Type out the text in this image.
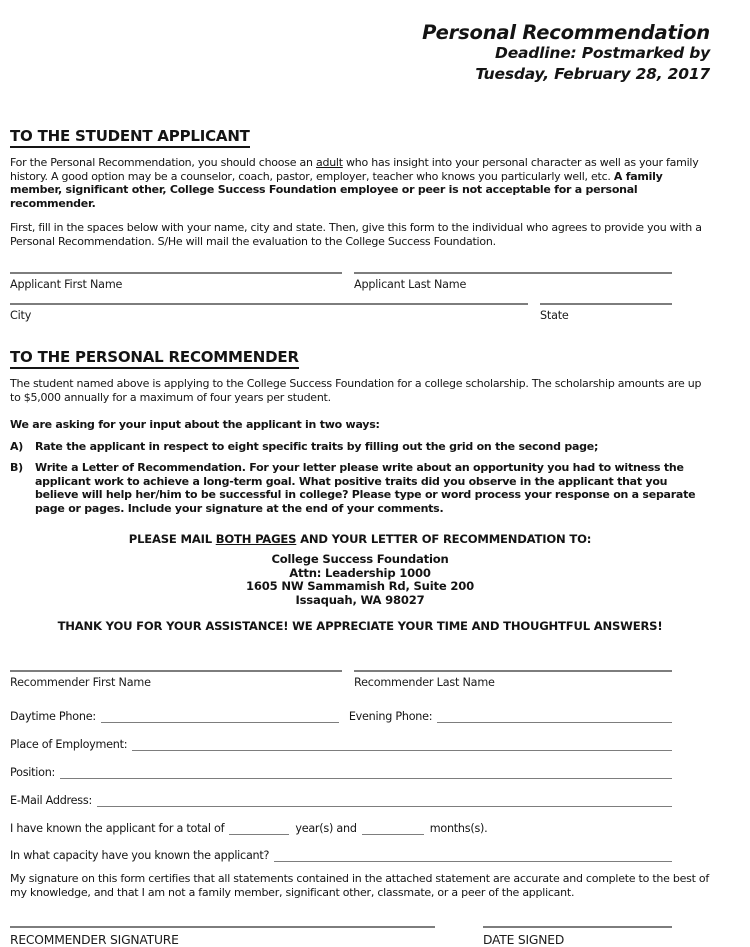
Personal Recommendation
Deadline: Postmarked by
Tuesday, February 28, 2017
TO THE STUDENT APPLICANT
For the Personal Recommendation, you should choose an adult who has insight into your personal character as well as your family history. A good option may be a counselor, coach, pastor, employer, teacher who knows you particularly well, etc. A family member, significant other, College Success Foundation employee or peer is not acceptable for a personal recommender.
First, fill in the spaces below with your name, city and state. Then, give this form to the individual who agrees to provide you with a Personal Recommendation. S/He will mail the evaluation to the College Success Foundation.
Applicant First Name	Applicant Last Name
City	State
TO THE PERSONAL RECOMMENDER
The student named above is applying to the College Success Foundation for a college scholarship. The scholarship amounts are up to $5,000 annually for a maximum of four years per student.
We are asking for your input about the applicant in two ways:
A)	Rate the applicant in respect to eight specific traits by filling out the grid on the second page;
B)	Write a Letter of Recommendation. For your letter please write about an opportunity you had to witness the applicant work to achieve a long-term goal. What positive traits did you observe in the applicant that you believe will help her/him to be successful in college? Please type or word process your response on a separate page or pages. Include your signature at the end of your comments.
PLEASE MAIL BOTH PAGES AND YOUR LETTER OF RECOMMENDATION TO:
College Success Foundation
Attn: Leadership 1000
1605 NW Sammamish Rd, Suite 200
Issaquah, WA 98027
THANK YOU FOR YOUR ASSISTANCE! WE APPRECIATE YOUR TIME AND THOUGHTFUL ANSWERS!
Recommender First Name	Recommender Last Name
Daytime Phone:	Evening Phone:
Place of Employment:
Position:
E-Mail Address:
I have known the applicant for a total of	year(s) and	months(s).
In what capacity have you known the applicant?
My signature on this form certifies that all statements contained in the attached statement are accurate and complete to the best of my knowledge, and that I am not a family member, significant other, classmate, or a peer of the applicant.
RECOMMENDER SIGNATURE	DATE SIGNED
